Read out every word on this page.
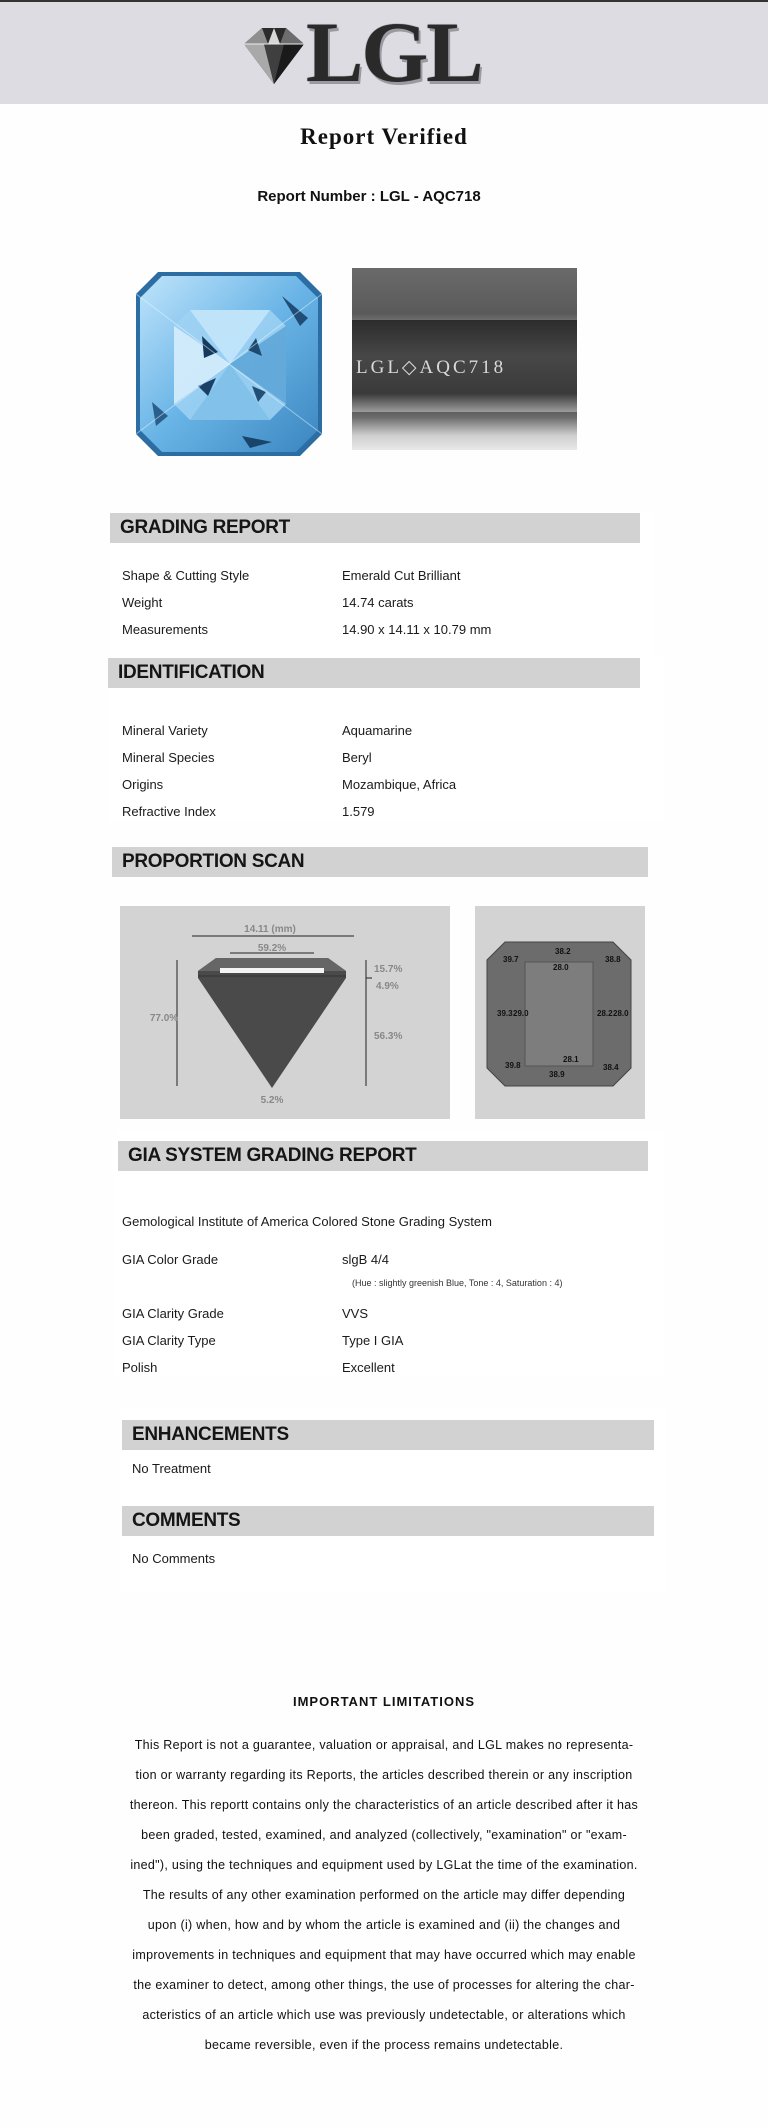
LGL
Report Verified
Report Number : LGL - AQC718
LGL◇AQC718
GRADING REPORT
Shape & Cutting Style	Emerald Cut Brilliant
Weight	14.74 carats
Measurements	14.90 x 14.11 x 10.79 mm
IDENTIFICATION
Mineral Variety	Aquamarine
Mineral Species	Beryl
Origins	Mozambique, Africa
Refractive Index	1.579
PROPORTION SCAN
14.11 (mm)
59.2%
77.0%
15.7%
4.9%
56.3%
5.2%
39.7
38.2
38.8
28.0
39.3 29.0	28.2 28.0
28.1
39.8
38.9
38.4
GIA SYSTEM GRADING REPORT
Gemological Institute of America Colored Stone Grading System
GIA Color Grade	slgB 4/4
(Hue : slightly greenish Blue, Tone : 4, Saturation : 4)
GIA Clarity Grade	VVS
GIA Clarity Type	Type I GIA
Polish	Excellent
ENHANCEMENTS
No Treatment
COMMENTS
No Comments
IMPORTANT LIMITATIONS
This Report is not a guarantee, valuation or appraisal, and LGL makes no representa-
tion or warranty regarding its Reports, the articles described therein or any inscription
thereon. This reportt contains only the characteristics of an article described after it has
been graded, tested, examined, and analyzed (collectively, "examination" or "exam-
ined"), using the techniques and equipment used by LGLat the time of the examination.
The results of any other examination performed on the article may differ depending
upon (i) when, how and by whom the article is examined and (ii) the changes and
improvements in techniques and equipment that may have occurred which may enable
the examiner to detect, among other things, the use of processes for altering the char-
acteristics of an article which use was previously undetectable, or alterations which
became reversible, even if the process remains undetectable.
